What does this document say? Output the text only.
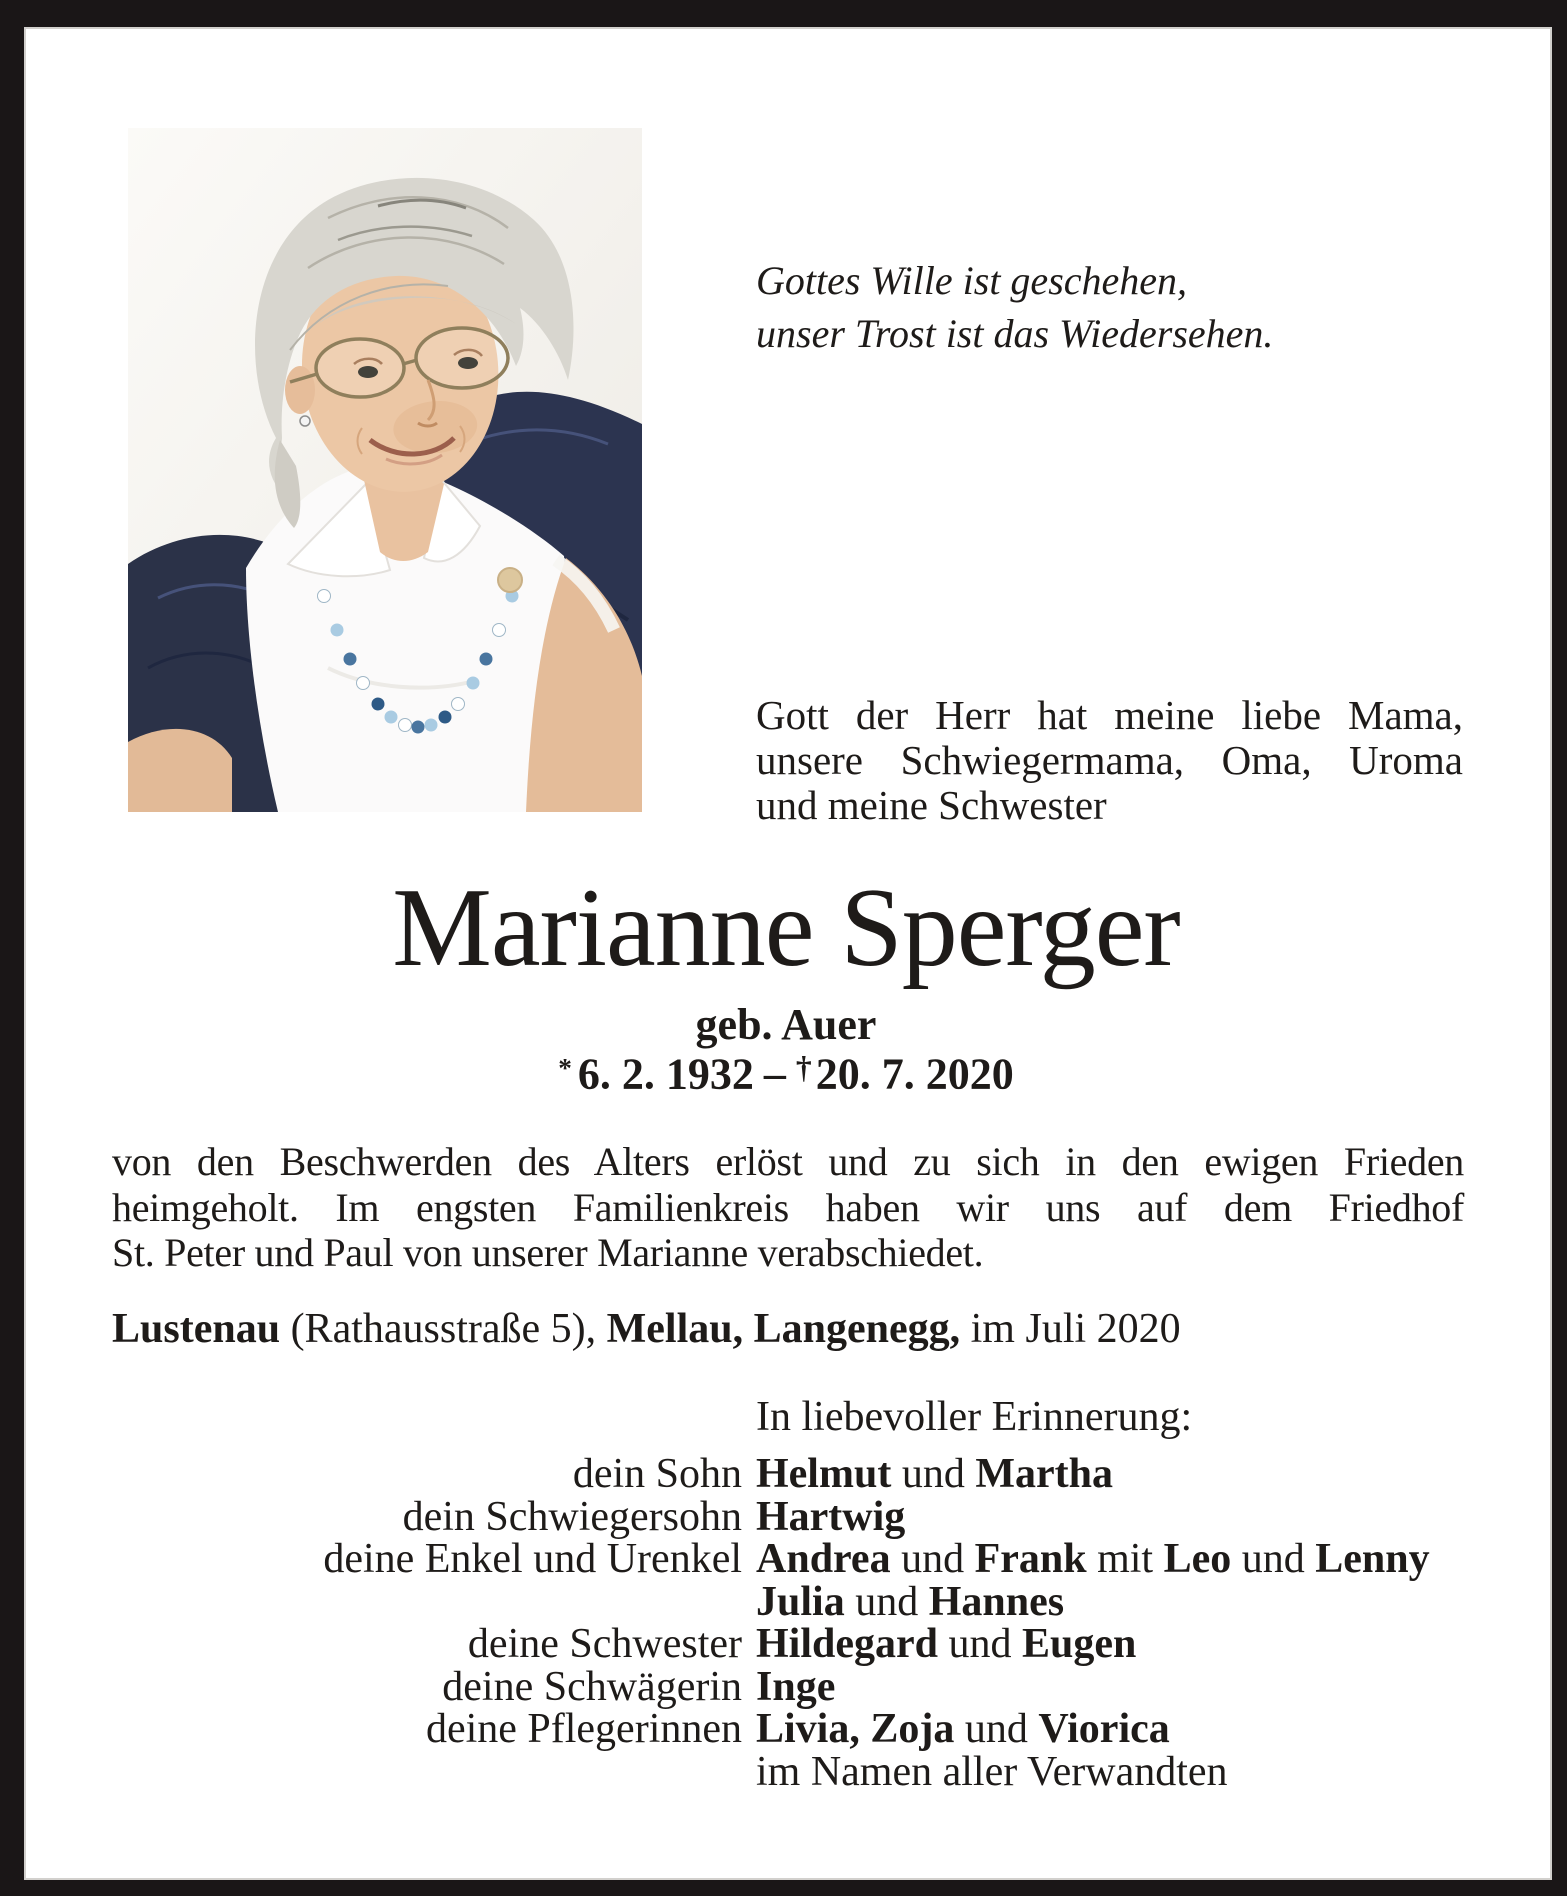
Gottes Wille ist geschehen,
unser Trost ist das Wiedersehen.
Gott der Herr hat meine liebe Mama,
unsere Schwiegermama, Oma, Uroma
und meine Schwester
Marianne Sperger
geb. Auer
* 6. 2. 1932 – †20. 7. 2020
von den Beschwerden des Alters erlöst und zu sich in den ewigen Frieden
heimgeholt. Im engsten Familienkreis haben wir uns auf dem Friedhof
St. Peter und Paul von unserer Marianne verabschiedet.
Lustenau (Rathausstraße 5), Mellau, Langenegg, im Juli 2020
In liebevoller Erinnerung:
dein Sohn Helmut und Martha
dein Schwiegersohn Hartwig
deine Enkel und Urenkel Andrea und Frank mit Leo und Lenny
Julia und Hannes
deine Schwester Hildegard und Eugen
deine Schwägerin Inge
deine Pflegerinnen Livia, Zoja und Viorica
im Namen aller Verwandten
